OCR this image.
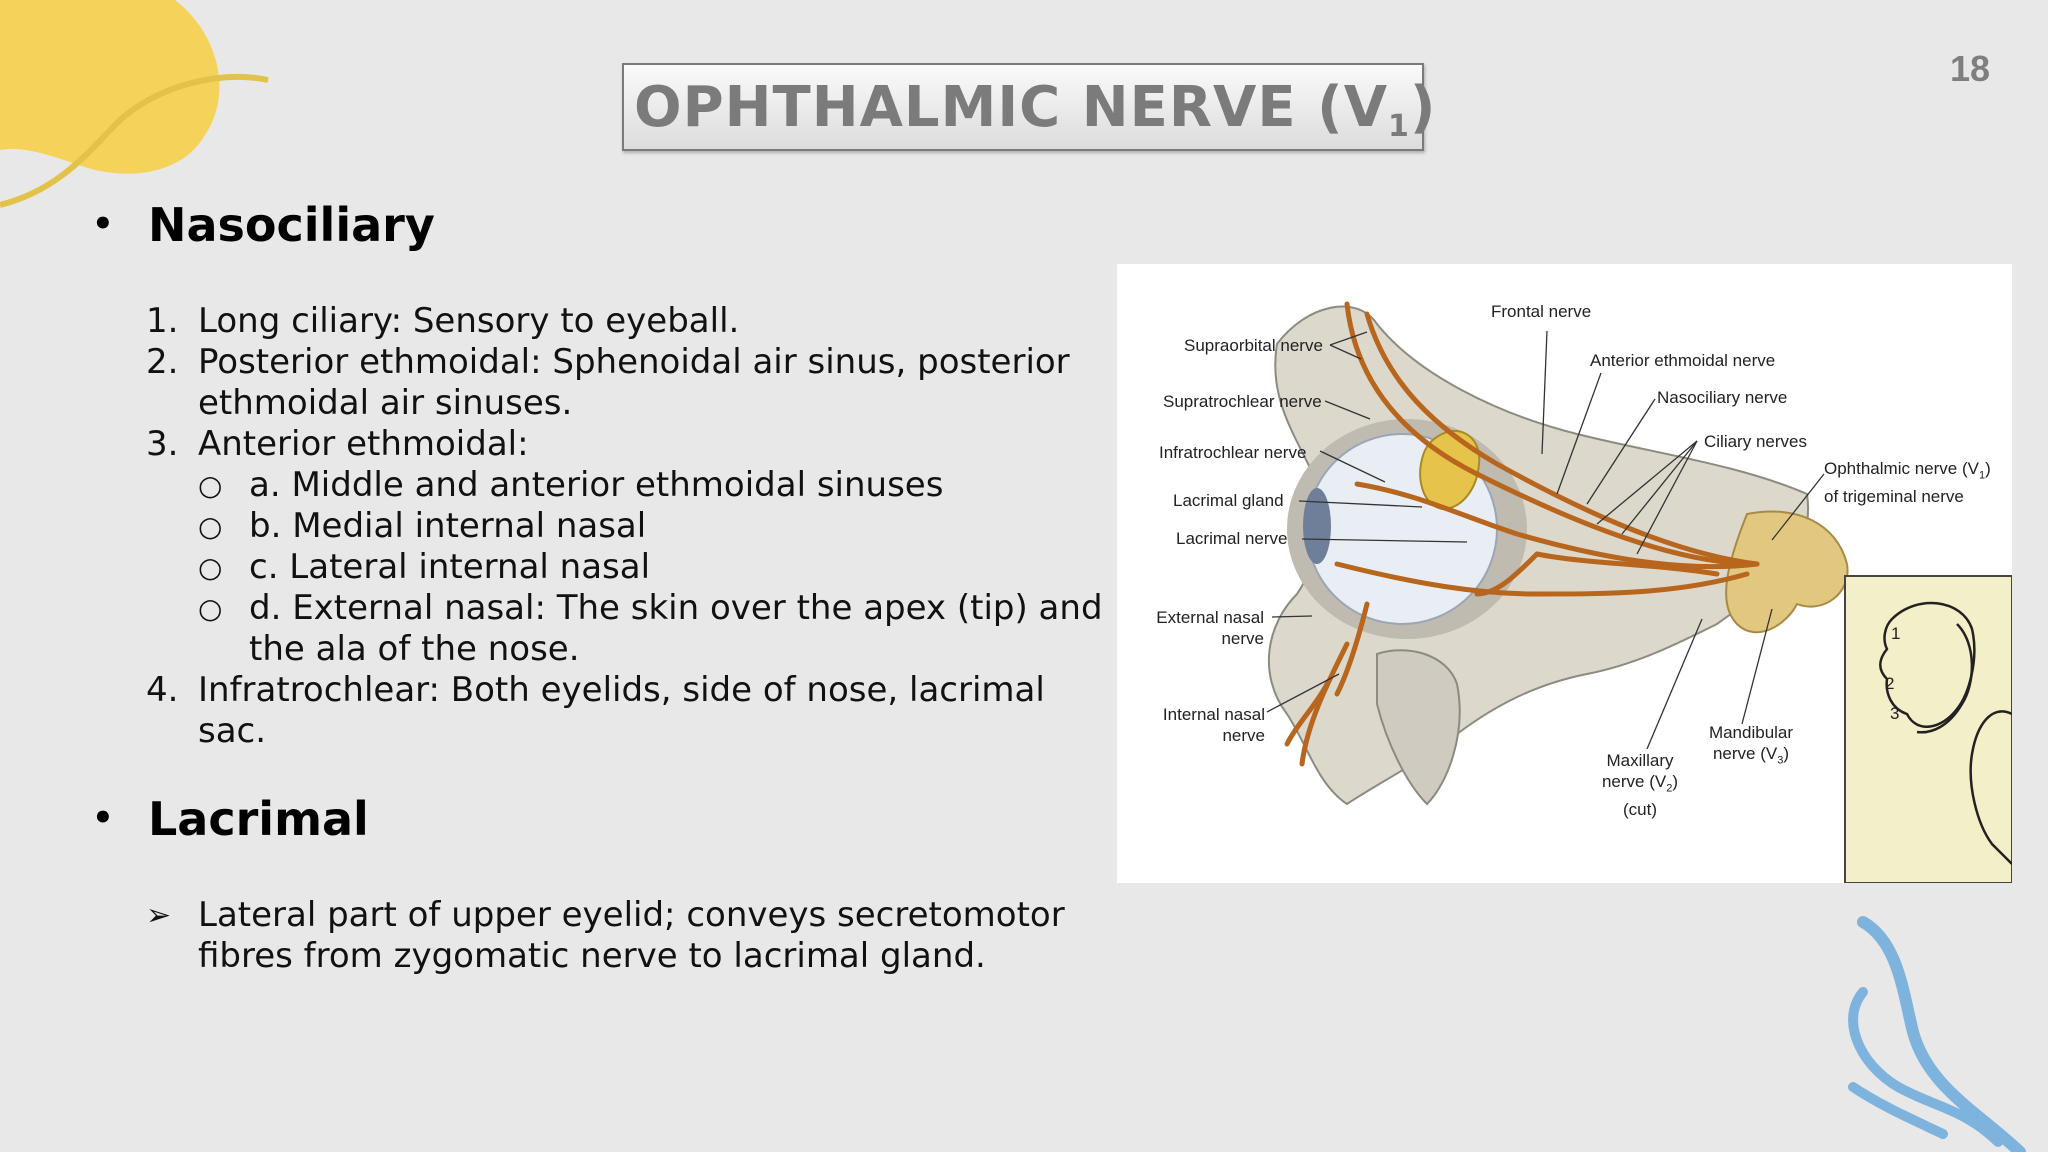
18
OPHTHALMIC NERVE $(V_1)$
• Nasociliary
1. Long ciliary: Sensory to eyeball.
2. Posterior ethmoidal: Sphenoidal air sinus, posterior
ethmoidal air sinuses.
3. Anterior ethmoidal:
○ a. Middle and anterior ethmoidal sinuses
○ b. Medial internal nasal
○ c. Lateral internal nasal
○ d. External nasal: The skin over the apex (tip) and
the ala of the nose.
4. Infratrochlear: Both eyelids, side of nose, lacrimal
sac.
• Lacrimal
➢ Lateral part of upper eyelid; conveys secretomotor
fibres from zygomatic nerve to lacrimal gland.
Frontal nerve
Supraorbital nerve
Anterior ethmoidal nerve
Supratrochlear nerve	Nasociliary nerve
Ciliary nerves
Infratrochlear nerve
Ophthalmic nerve $(V_1)$
of trigeminal nerve
Lacrimal gland
Lacrimal nerve
External nasal
nerve
Internal nasal
nerve
Maxillary
nerve $(V_2)$
(cut)
Mandibular
nerve $(V_3)$
1
2
3
